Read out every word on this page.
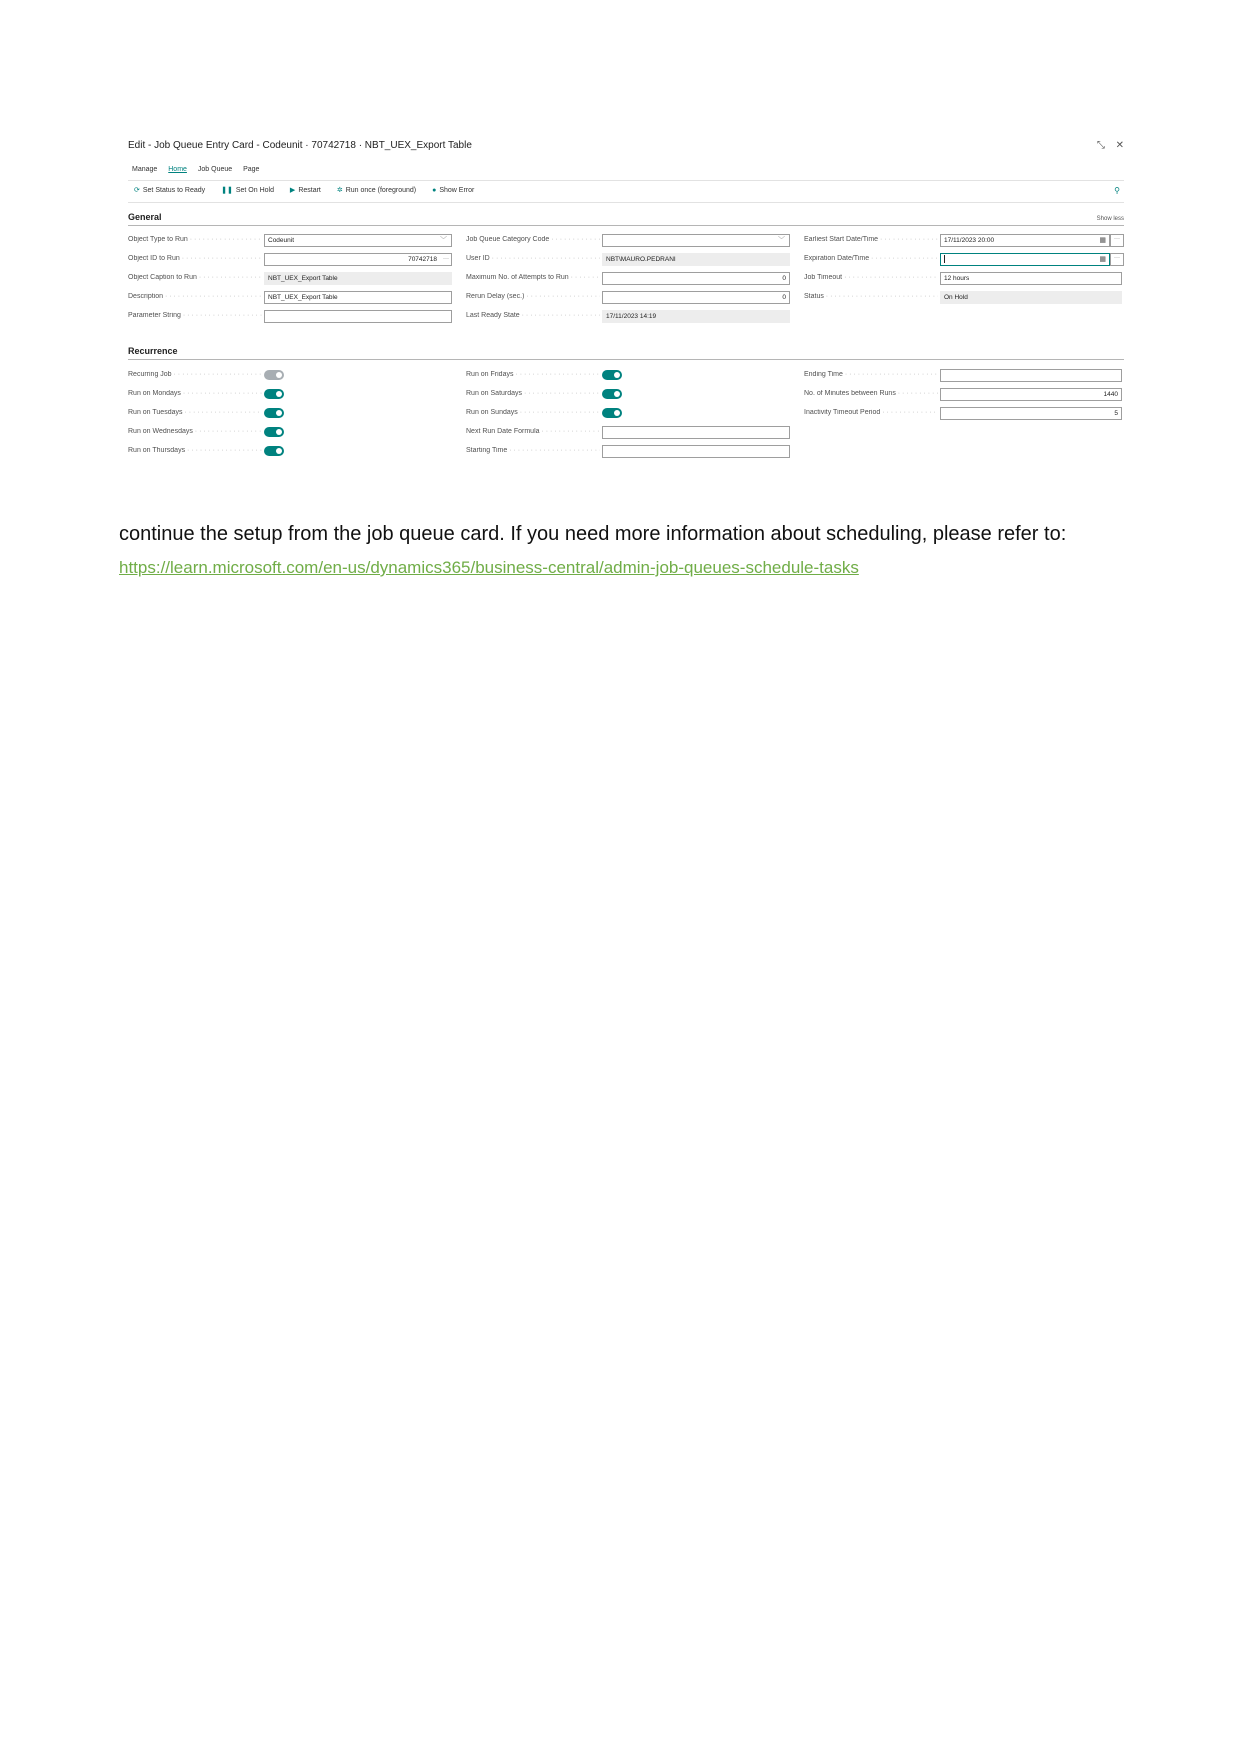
Edit - Job Queue Entry Card - Codeunit · 70742718 · NBT_UEX_Export Table	⤡ ✕
Manage Home Job Queue Page
⟳ Set Status to Ready ❚❚ Set On Hold ▶ Restart ✲ Run once (foreground) ● Show Error	⚲
General	Show less
Object Type to Run · · ·	Codeunit	﹀
Object ID to Run · · ·	70742718 ···
Object Caption to Run · · ·	NBT_UEX_Export Table
Description · · ·	NBT_UEX_Export Table
Parameter String · · ·
Job Queue Category Code · · ·	﹀
User ID · · ·	NBT\MAURO.PEDRANI
Maximum No. of Attempts to Run · · ·	0
Rerun Delay (sec.) · · ·	0
Last Ready State · · ·	17/11/2023 14:19
Earliest Start Date/Time · · ·	17/11/2023 20:00	▦	···
Expiration Date/Time · · ·	▦	···
Job Timeout · · ·	12 hours
Status · · ·	On Hold
Recurrence
Recurring Job · · ·
Run on Mondays · · ·
Run on Tuesdays · · ·
Run on Wednesdays · · ·
Run on Thursdays · · ·
Run on Fridays · · ·
Run on Saturdays · · ·
Run on Sundays · · ·
Next Run Date Formula · · ·
Starting Time · · ·
Ending Time · · ·
No. of Minutes between Runs · · ·	1440
Inactivity Timeout Period · · ·	5
continue the setup from the job queue card. If you need more information about scheduling, please refer to: https://learn.microsoft.com/en-us/dynamics365/business-central/admin-job-queues-schedule-tasks
